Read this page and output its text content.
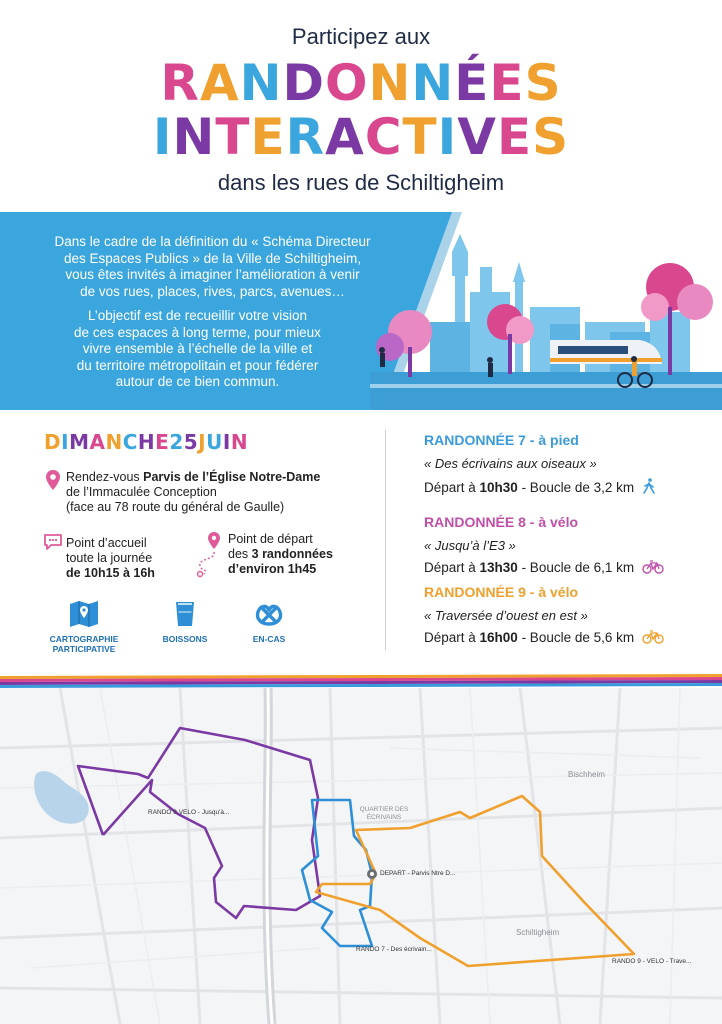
Participez aux
RANDONNÉES
INTERACTIVES
dans les rues de Schiltigheim
Dans le cadre de la définition du « Schéma Directeur
des Espaces Publics » de la Ville de Schiltigheim,
vous êtes invités à imaginer l’amélioration à venir
de vos rues, places, rives, parcs, avenues…
L’objectif est de recueillir votre vision
de ces espaces à long terme, pour mieux
vivre ensemble à l’échelle de la ville et
du territoire métropolitain et pour fédérer
autour de ce bien commun.
DIMANCHE25JUIN
Rendez-vous Parvis de l’Église Notre-Dame
de l’Immaculée Conception
(face au 78 route du général de Gaulle)
Point d’accueil
toute la journée
de 10h15 à 16h
Point de départ
des 3 randonnées
d’environ 1h45
CARTOGRAPHIE PARTICIPATIVE
BOISSONS	EN-CAS
RANDONNÉE 7 - à pied
« Des écrivains aux oiseaux »
Départ à 10h30 - Boucle de 3,2 km
RANDONNÉE 8 - à vélo
« Jusqu’à l’E3 »
Départ à 13h30 - Boucle de 6,1 km
RANDONNÉE 9 - à vélo
« Traversée d’ouest en est »
Départ à 16h00 - Boucle de 5,6 km
Bischheim
QUARTIER DES ÉCRIVAINS
Schiltigheim
RANDO 8 VELO - Jusqu'à...
DEPART - Parvis Ntre D...
RANDO 7 - Des écrivain...
RANDO 9 - VELO - Trave...
